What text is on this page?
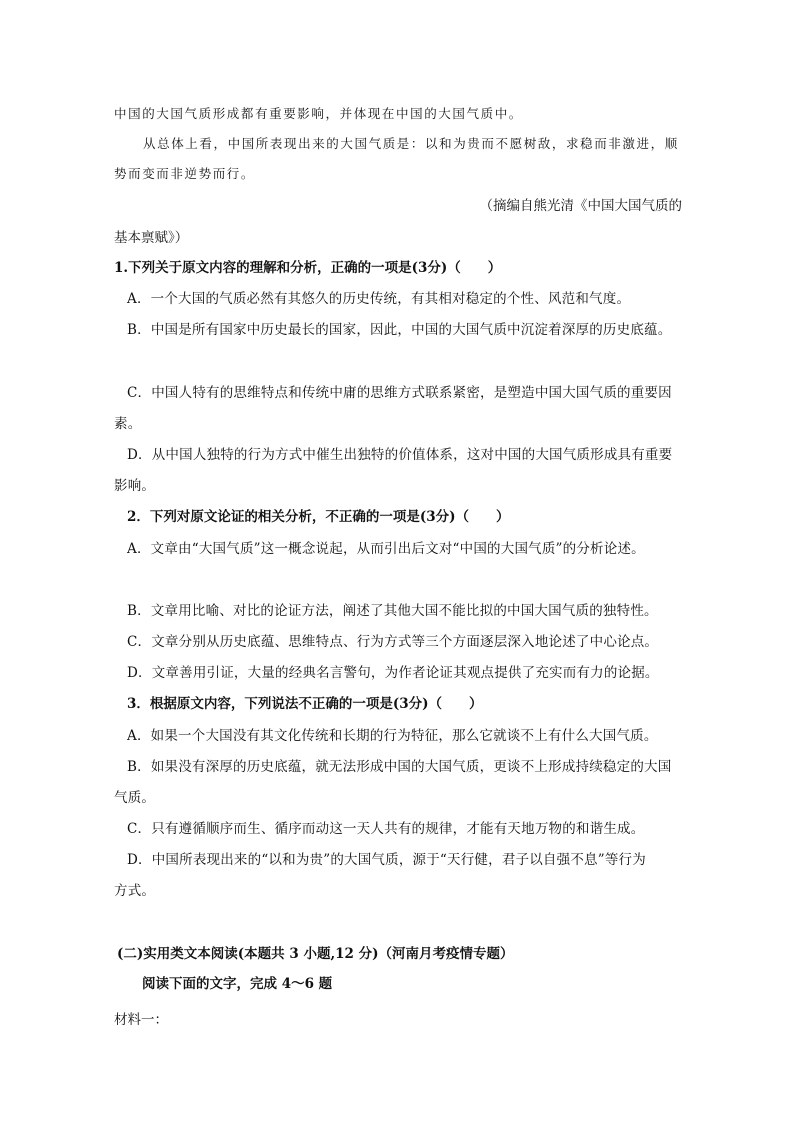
中国的大国气质形成都有重要影响，并体现在中国的大国气质中。
从总体上看，中国所表现出来的大国气质是：以和为贵而不愿树敌，求稳而非激进，顺
势而变而非逆势而行。
（摘编自熊光清《中国大国气质的
基本禀赋》）
1.下列关于原文内容的理解和分析，正确的一项是(3分)（　　）
A．一个大国的气质必然有其悠久的历史传统，有其相对稳定的个性、风范和气度。
B．中国是所有国家中历史最长的国家，因此，中国的大国气质中沉淀着深厚的历史底蕴。
C．中国人特有的思维特点和传统中庸的思维方式联系紧密，是塑造中国大国气质的重要因
素。
D．从中国人独特的行为方式中催生出独特的价值体系，这对中国的大国气质形成具有重要
影响。
2．下列对原文论证的相关分析，不正确的一项是(3分)（　　）
A．文章由“大国气质”这一概念说起，从而引出后文对“中国的大国气质”的分析论述。
B．文章用比喻、对比的论证方法，阐述了其他大国不能比拟的中国大国气质的独特性。
C．文章分别从历史底蕴、思维特点、行为方式等三个方面逐层深入地论述了中心论点。
D．文章善用引证，大量的经典名言警句，为作者论证其观点提供了充实而有力的论据。
3．根据原文内容，下列说法不正确的一项是(3分)（　　）
A．如果一个大国没有其文化传统和长期的行为特征，那么它就谈不上有什么大国气质。
B．如果没有深厚的历史底蕴，就无法形成中国的大国气质，更谈不上形成持续稳定的大国
气质。
C．只有遵循顺序而生、循序而动这一天人共有的规律，才能有天地万物的和谐生成。
D．中国所表现出来的“以和为贵”的大国气质，源于“天行健，君子以自强不息”等行为
方式。
(二)实用类文本阅读(本题共 3 小题,12 分)（河南月考疫情专题）
阅读下面的文字，完成 4～6 题
材料一：
